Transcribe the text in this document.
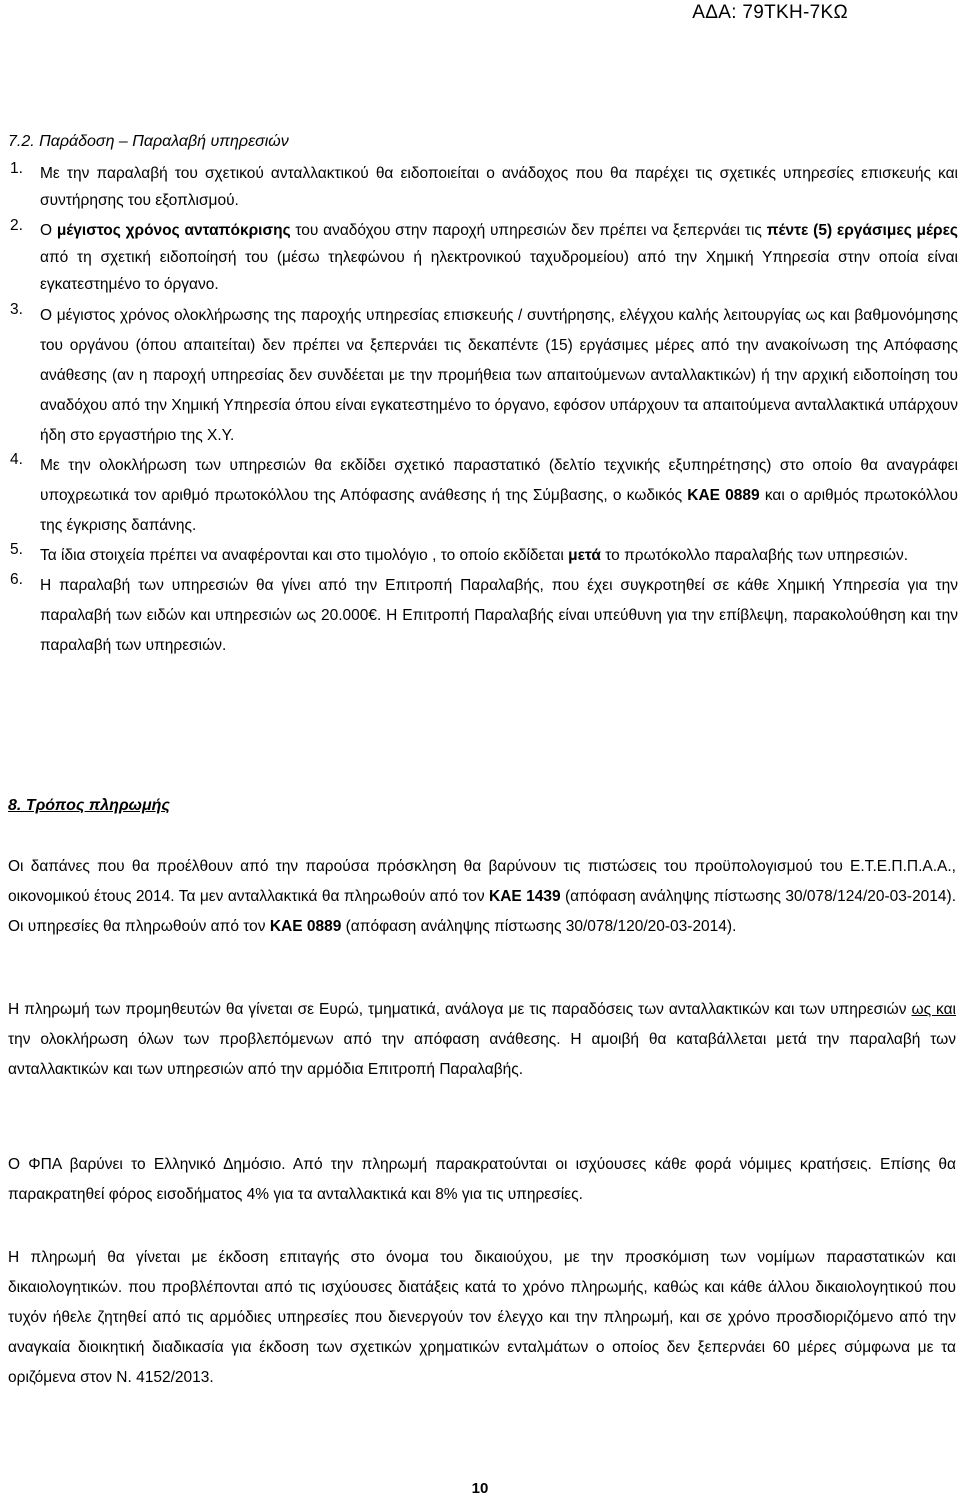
ΑΔΑ: 79ΤΚΗ-7ΚΩ
7.2. Παράδοση – Παραλαβή υπηρεσιών
1. Με την παραλαβή του σχετικού ανταλλακτικού θα ειδοποιείται ο ανάδοχος που θα παρέχει τις σχετικές υπηρεσίες επισκευής και συντήρησης του εξοπλισμού.

2. Ο μέγιστος χρόνος ανταπόκρισης του αναδόχου στην παροχή υπηρεσιών δεν πρέπει να ξεπερνάει τις πέντε (5) εργάσιμες μέρες από τη σχετική ειδοποίησή του (μέσω τηλεφώνου ή ηλεκτρονικού ταχυδρομείου) από την Χημική Υπηρεσία στην οποία είναι εγκατεστημένο το όργανο.

3. Ο μέγιστος χρόνος ολοκλήρωσης της παροχής υπηρεσίας επισκευής / συντήρησης, ελέγχου καλής λειτουργίας ως και βαθμονόμησης του οργάνου (όπου απαιτείται) δεν πρέπει να ξεπερνάει τις δεκαπέντε (15) εργάσιμες μέρες από την ανακοίνωση της Απόφασης ανάθεσης (αν η παροχή υπηρεσίας δεν συνδέεται με την προμήθεια των απαιτούμενων ανταλλακτικών) ή την αρχική ειδοποίηση του αναδόχου από την Χημική Υπηρεσία όπου είναι εγκατεστημένο το όργανο, εφόσον υπάρχουν τα απαιτούμενα ανταλλακτικά υπάρχουν ήδη στο εργαστήριο της Χ.Υ.

4. Με την ολοκλήρωση των υπηρεσιών θα εκδίδει σχετικό παραστατικό (δελτίο τεχνικής εξυπηρέτησης) στο οποίο θα αναγράφει υποχρεωτικά τον αριθμό πρωτοκόλλου της Απόφασης ανάθεσης ή της Σύμβασης, ο κωδικός ΚΑΕ 0889 και ο αριθμός πρωτοκόλλου της έγκρισης δαπάνης.

5. Τα ίδια στοιχεία πρέπει να αναφέρονται και στο τιμολόγιο , το οποίο εκδίδεται μετά το πρωτόκολλο παραλαβής των υπηρεσιών.

6. Η παραλαβή των υπηρεσιών θα γίνει από την Επιτροπή Παραλαβής, που έχει συγκροτηθεί σε κάθε Χημική Υπηρεσία για την παραλαβή των ειδών και υπηρεσιών ως 20.000€. Η Επιτροπή Παραλαβής είναι υπεύθυνη για την επίβλεψη, παρακολούθηση και την παραλαβή των υπηρεσιών.

8. Τρόπος πληρωμής

Οι δαπάνες που θα προέλθουν από την παρούσα πρόσκληση θα βαρύνουν τις πιστώσεις του προϋπολογισμού του Ε.Τ.Ε.Π.Π.Α.Α., οικονομικού έτους 2014. Τα μεν ανταλλακτικά θα πληρωθούν από τον ΚΑΕ 1439 (απόφαση ανάληψης πίστωσης 30/078/124/20-03-2014). Οι υπηρεσίες θα πληρωθούν από τον ΚΑΕ 0889 (απόφαση ανάληψης πίστωσης 30/078/120/20-03-2014).

Η πληρωμή των προμηθευτών θα γίνεται σε Ευρώ, τμηματικά, ανάλογα με τις παραδόσεις των ανταλλακτικών και των υπηρεσιών ως και την ολοκλήρωση όλων των προβλεπόμενων από την απόφαση ανάθεσης. Η αμοιβή θα καταβάλλεται μετά την παραλαβή των ανταλλακτικών και των υπηρεσιών από την αρμόδια Επιτροπή Παραλαβής.

Ο ΦΠΑ βαρύνει το Ελληνικό Δημόσιο. Από την πληρωμή παρακρατούνται οι ισχύουσες κάθε φορά νόμιμες κρατήσεις. Επίσης θα παρακρατηθεί φόρος εισοδήματος 4% για τα ανταλλακτικά και 8% για τις υπηρεσίες.

Η πληρωμή θα γίνεται με έκδοση επιταγής στο όνομα του δικαιούχου, με την προσκόμιση των νομίμων παραστατικών και δικαιολογητικών. που προβλέπονται από τις ισχύουσες διατάξεις κατά το χρόνο πληρωμής, καθώς και κάθε άλλου δικαιολογητικού που τυχόν ήθελε ζητηθεί από τις αρμόδιες υπηρεσίες που διενεργούν τον έλεγχο και την πληρωμή, και σε χρόνο προσδιοριζόμενο από την αναγκαία διοικητική διαδικασία για έκδοση των σχετικών χρηματικών ενταλμάτων ο οποίος δεν ξεπερνάει 60 μέρες σύμφωνα με τα οριζόμενα στον Ν. 4152/2013.

10
